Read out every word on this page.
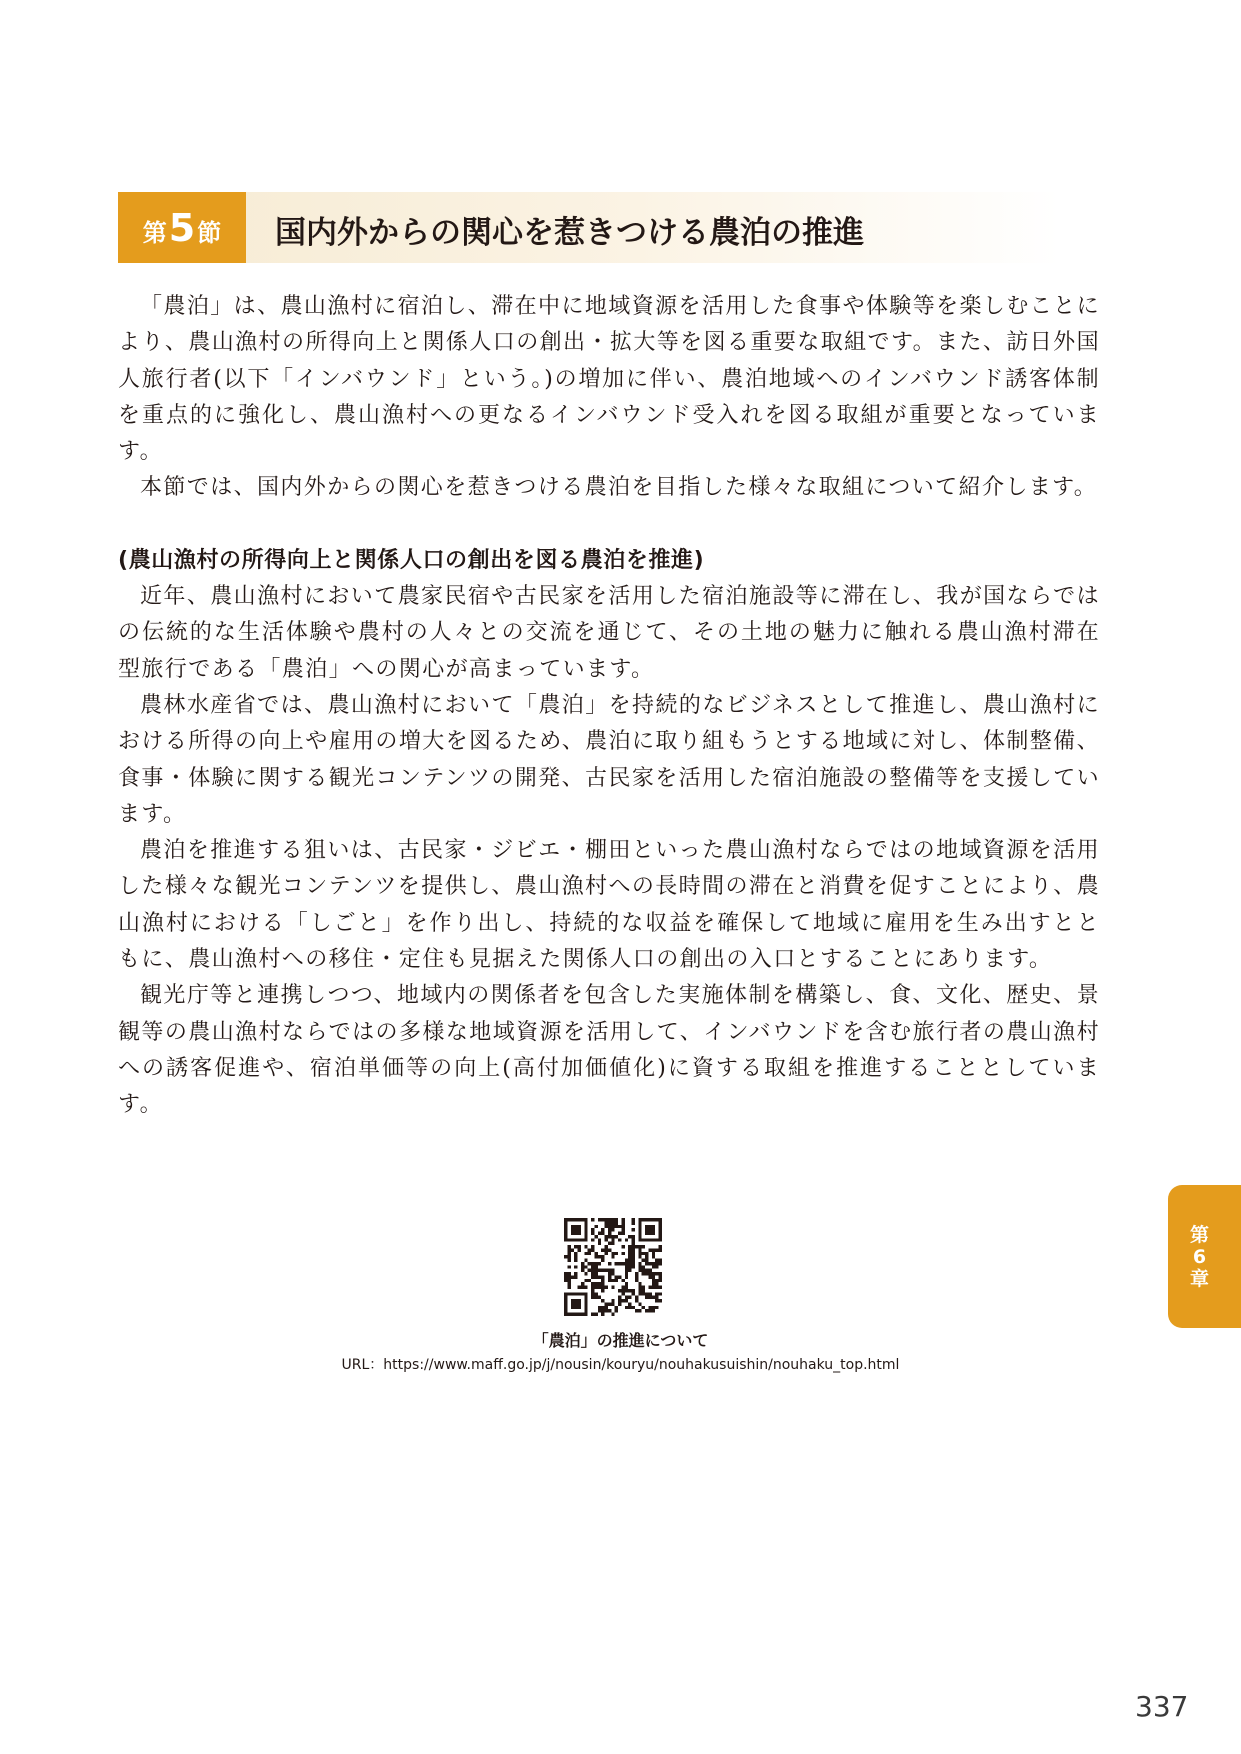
第 5 節 国内外からの関心を惹きつける農泊の推進

「農泊」は、農山漁村に宿泊し、滞在中に地域資源を活用した食事や体験等を楽しむことにより、農山漁村の所得向上と関係人口の創出・拡大等を図る重要な取組です。また、訪日外国人旅行者(以下「インバウンド」という。)の増加に伴い、農泊地域へのインバウンド誘客体制を重点的に強化し、農山漁村への更なるインバウンド受入れを図る取組が重要となっています。

本節では、国内外からの関心を惹きつける農泊を目指した様々な取組について紹介します。

(農山漁村の所得向上と関係人口の創出を図る農泊を推進)

近年、農山漁村において農家民宿や古民家を活用した宿泊施設等に滞在し、我が国ならではの伝統的な生活体験や農村の人々との交流を通じて、その土地の魅力に触れる農山漁村滞在型旅行である「農泊」への関心が高まっています。

農林水産省では、農山漁村において「農泊」を持続的なビジネスとして推進し、農山漁村における所得の向上や雇用の増大を図るため、農泊に取り組もうとする地域に対し、体制整備、食事・体験に関する観光コンテンツの開発、古民家を活用した宿泊施設の整備等を支援しています。

農泊を推進する狙いは、古民家・ジビエ・棚田といった農山漁村ならではの地域資源を活用した様々な観光コンテンツを提供し、農山漁村への長時間の滞在と消費を促すことにより、農山漁村における「しごと」を作り出し、持続的な収益を確保して地域に雇用を生み出すとともに、農山漁村への移住・定住も見据えた関係人口の創出の入口とすることにあります。

観光庁等と連携しつつ、地域内の関係者を包含した実施体制を構築し、食、文化、歴史、景観等の農山漁村ならではの多様な地域資源を活用して、インバウンドを含む旅行者の農山漁村への誘客促進や、宿泊単価等の向上(高付加価値化)に資する取組を推進することとしています。

「農泊」の推進について
URL：https://www.maff.go.jp/j/nousin/kouryu/nouhakusuishin/nouhaku_top.html
第
6
章
337
